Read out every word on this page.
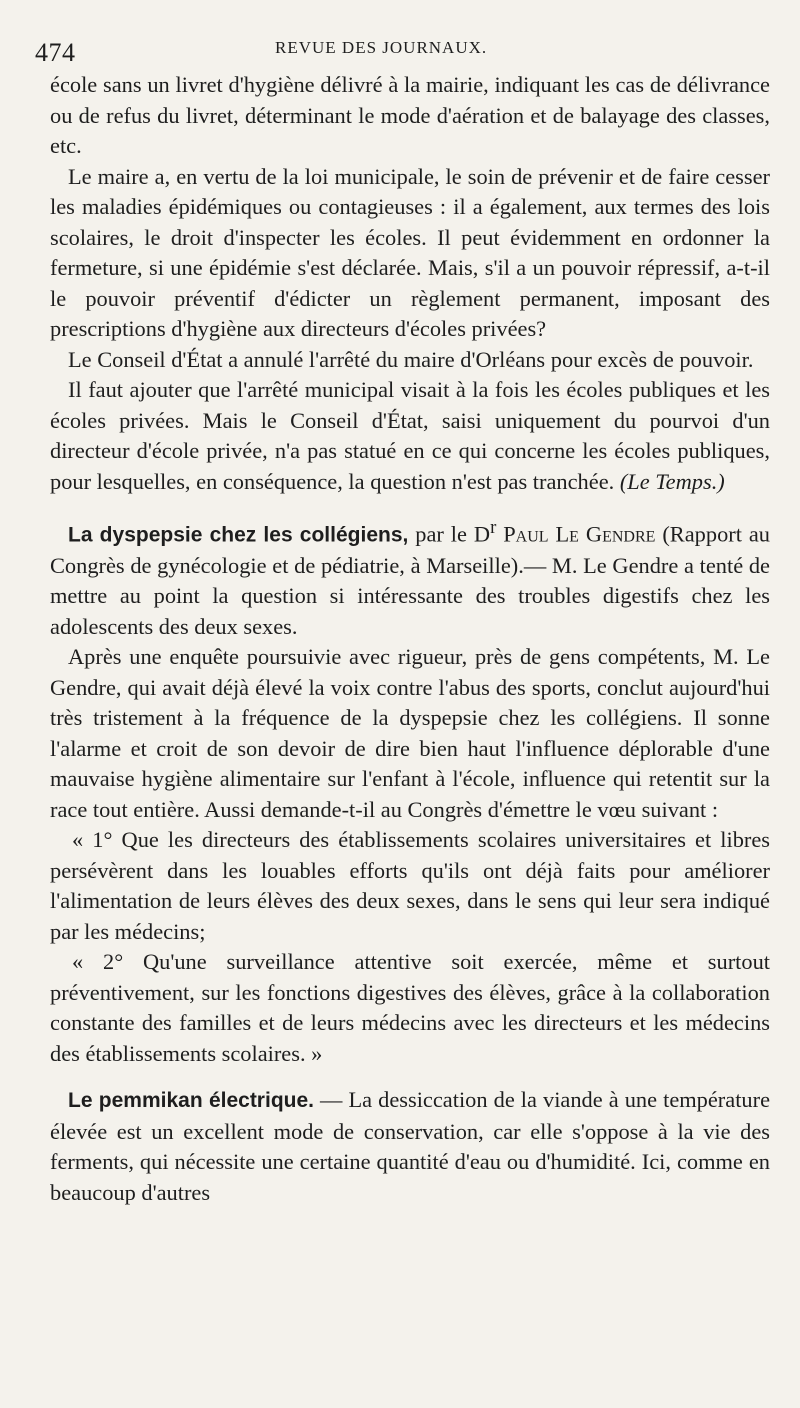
474	REVUE DES JOURNAUX.

école sans un livret d'hygiène délivré à la mairie, indiquant les cas de délivrance ou de refus du livret, déterminant le mode d'aération et de balayage des classes, etc.

Le maire a, en vertu de la loi municipale, le soin de prévenir et de faire cesser les maladies épidémiques ou contagieuses : il a également, aux termes des lois scolaires, le droit d'inspecter les écoles. Il peut évidemment en ordonner la fermeture, si une épidémie s'est déclarée. Mais, s'il a un pouvoir répressif, a-t-il le pouvoir préventif d'édicter un règlement permanent, imposant des prescriptions d'hygiène aux directeurs d'écoles privées?

Le Conseil d'État a annulé l'arrêté du maire d'Orléans pour excès de pouvoir.

Il faut ajouter que l'arrêté municipal visait à la fois les écoles publiques et les écoles privées. Mais le Conseil d'État, saisi uniquement du pourvoi d'un directeur d'école privée, n'a pas statué en ce qui concerne les écoles publiques, pour lesquelles, en conséquence, la question n'est pas tranchée. (Le Temps.)

La dyspepsie chez les collégiens, par le $D^r$ Paul Le Gendre (Rapport au Congrès de gynécologie et de pédiatrie, à Marseille).— M. Le Gendre a tenté de mettre au point la question si intéressante des troubles digestifs chez les adolescents des deux sexes.

Après une enquête poursuivie avec rigueur, près de gens compétents, M. Le Gendre, qui avait déjà élevé la voix contre l'abus des sports, conclut aujourd'hui très tristement à la fréquence de la dyspepsie chez les collégiens. Il sonne l'alarme et croit de son devoir de dire bien haut l'influence déplorable d'une mauvaise hygiène alimentaire sur l'enfant à l'école, influence qui retentit sur la race tout entière. Aussi demande-t-il au Congrès d'émettre le vœu suivant :

« 1° Que les directeurs des établissements scolaires universitaires et libres persévèrent dans les louables efforts qu'ils ont déjà faits pour améliorer l'alimentation de leurs élèves des deux sexes, dans le sens qui leur sera indiqué par les médecins;

« 2° Qu'une surveillance attentive soit exercée, même et surtout préventivement, sur les fonctions digestives des élèves, grâce à la collaboration constante des familles et de leurs médecins avec les directeurs et les médecins des établissements scolaires. »

Le pemmikan électrique. — La dessiccation de la viande à une température élevée est un excellent mode de conservation, car elle s'oppose à la vie des ferments, qui nécessite une certaine quantité d'eau ou d'humidité. Ici, comme en beaucoup d'autres
